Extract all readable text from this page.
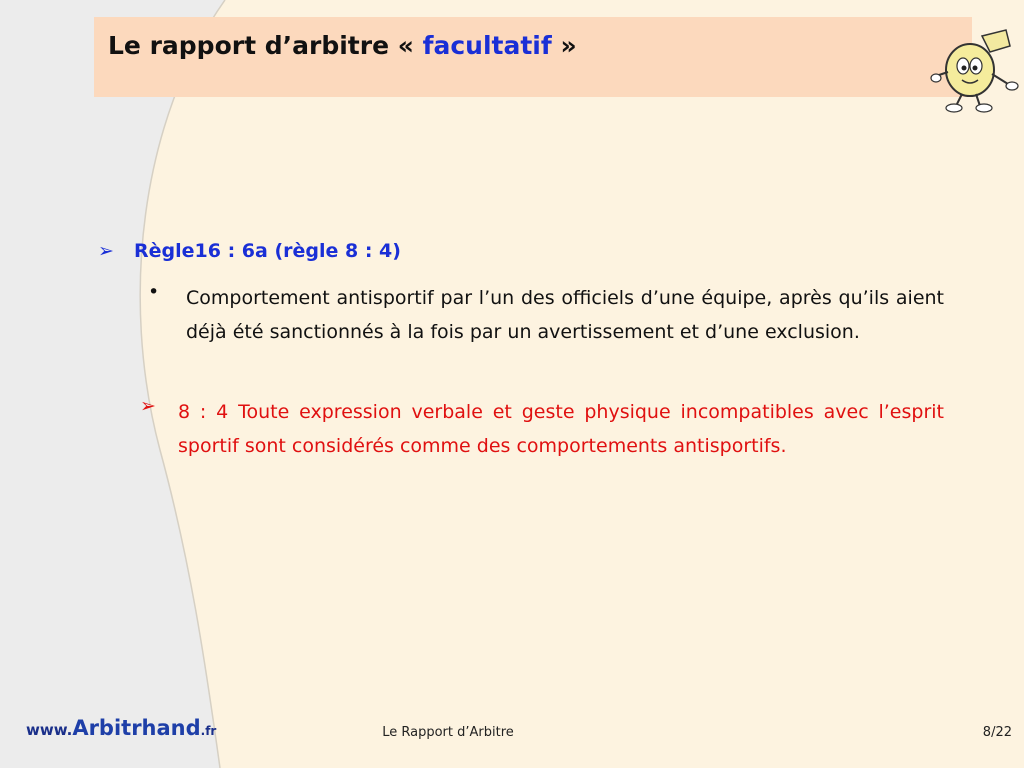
Le rapport d’arbitre « facultatif »
➢ Règle16 : 6a (règle 8 : 4)
• Comportement antisportif par l’un des officiels d’une équipe, après qu’ils aient déjà été sanctionnés à la fois par un avertissement et d’une exclusion.
➢ 8 : 4 Toute expression verbale et geste physique incompatibles avec l’esprit sportif sont considérés comme des comportements antisportifs.
www.Arbitrhand.fr	Le Rapport d’Arbitre	8/22
